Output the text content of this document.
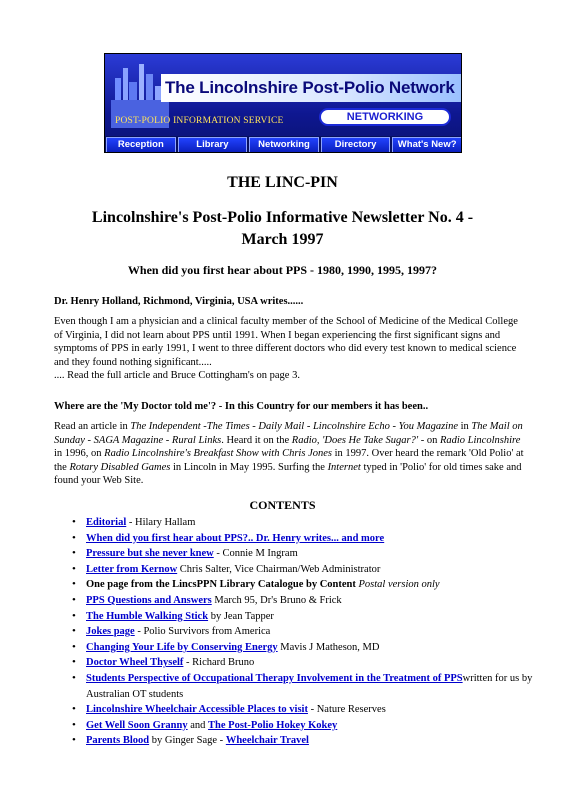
The Lincolnshire Post-Polio Network
POST-POLIO INFORMATION SERVICE	NETWORKING
Reception	Library	Networking	Directory	What's New?
THE LINC-PIN
Lincolnshire's Post-Polio Informative Newsletter No. 4 - March 1997
When did you first hear about PPS - 1980, 1990, 1995, 1997?
Dr. Henry Holland, Richmond, Virginia, USA writes......
Even though I am a physician and a clinical faculty member of the School of Medicine of the Medical College of Virginia, I did not learn about PPS until 1991. When I began experiencing the first significant signs and symptoms of PPS in early 1991, I went to three different doctors who did every test known to medical science and they found nothing significant.....
.... Read the full article and Bruce Cottingham's on page 3.
Where are the 'My Doctor told me'? - In this Country for our members it has been..
Read an article in The Independent -The Times - Daily Mail - Lincolnshire Echo - You Magazine in The Mail on Sunday - SAGA Magazine - Rural Links. Heard it on the Radio, 'Does He Take Sugar?' - on Radio Lincolnshire in 1996, on Radio Lincolnshire's Breakfast Show with Chris Jones in 1997. Over heard the remark 'Old Polio' at the Rotary Disabled Games in Lincoln in May 1995. Surfing the Internet typed in 'Polio' for old times sake and found your Web Site.
CONTENTS
• Editorial - Hilary Hallam
• When did you first hear about PPS?.. Dr. Henry writes... and more
• Pressure but she never knew - Connie M Ingram
• Letter from Kernow Chris Salter, Vice Chairman/Web Administrator
• One page from the LincsPPN Library Catalogue by Content Postal version only
• PPS Questions and Answers March 95, Dr's Bruno & Frick
• The Humble Walking Stick by Jean Tapper
• Jokes page - Polio Survivors from America
• Changing Your Life by Conserving Energy Mavis J Matheson, MD
• Doctor Wheel Thyself - Richard Bruno
• Students Perspective of Occupational Therapy Involvement in the Treatment of PPSwritten for us by Australian OT students
• Lincolnshire Wheelchair Accessible Places to visit - Nature Reserves
• Get Well Soon Granny and The Post-Polio Hokey Kokey
• Parents Blood by Ginger Sage - Wheelchair Travel
